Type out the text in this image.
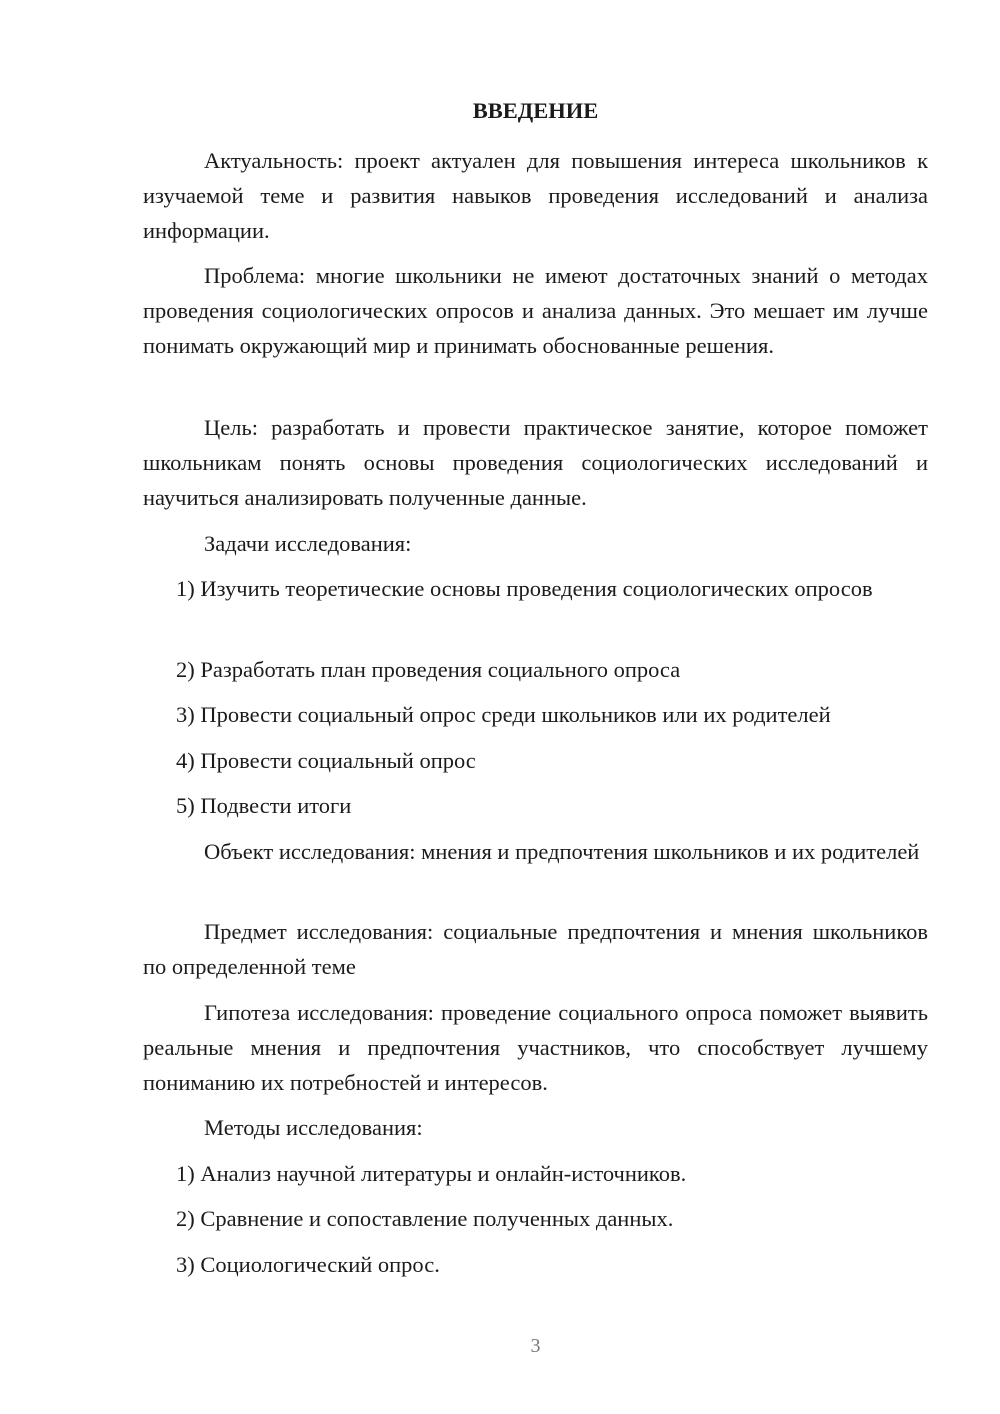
ВВЕДЕНИЕ

Актуальность: проект актуален для повышения интереса школьников к изучаемой теме и развития навыков проведения исследований и анализа информации.

Проблема: многие школьники не имеют достаточных знаний о методах проведения социологических опросов и анализа данных. Это мешает им лучше понимать окружающий мир и принимать обоснованные решения.

Цель: разработать и провести практическое занятие, которое поможет школьникам понять основы проведения социологических исследований и научиться анализировать полученные данные.

Задачи исследования:

1) Изучить теоретические основы проведения социологических опросов

2) Разработать план проведения социального опроса

3) Провести социальный опрос среди школьников или их родителей

4) Провести социальный опрос

5) Подвести итоги

Объект исследования: мнения и предпочтения школьников и их родителей

Предмет исследования: социальные предпочтения и мнения школьников по определенной теме

Гипотеза исследования: проведение социального опроса поможет выявить реальные мнения и предпочтения участников, что способствует лучшему пониманию их потребностей и интересов.

Методы исследования:

1) Анализ научной литературы и онлайн-источников.

2) Сравнение и сопоставление полученных данных.

3) Социологический опрос.

3
